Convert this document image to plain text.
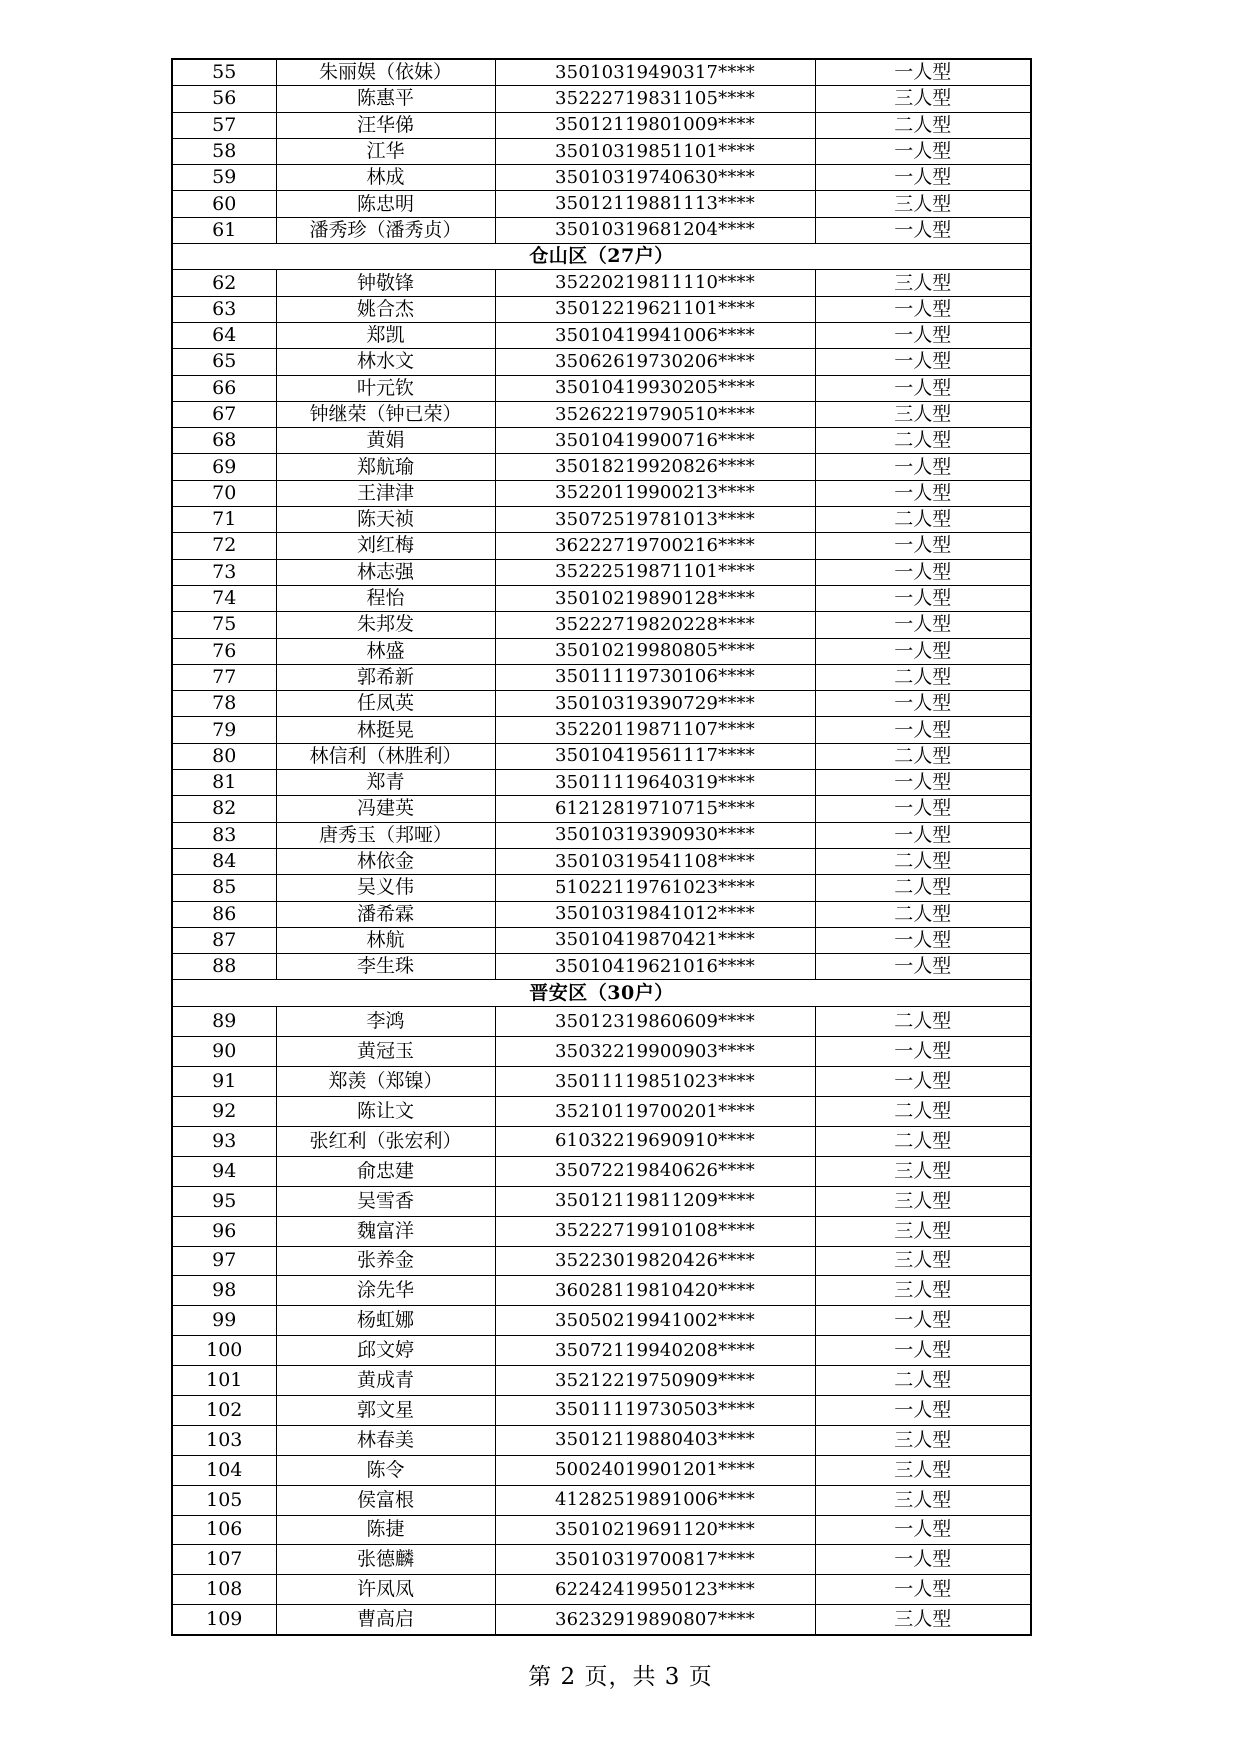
55	朱丽娱（依妹）	35010319490317****	一人型
56	陈惠平	35222719831105****	三人型
57	汪华俤	35012119801009****	二人型
58	江华	35010319851101****	一人型
59	林成	35010319740630****	一人型
60	陈忠明	35012119881113****	三人型
61	潘秀珍（潘秀贞）	35010319681204****	一人型
仓山区（27户）			
62	钟敬锋	35220219811110****	三人型
63	姚合杰	35012219621101****	一人型
64	郑凯	35010419941006****	一人型
65	林水文	35062619730206****	一人型
66	叶元钦	35010419930205****	一人型
67	钟继荣（钟已荣）	35262219790510****	三人型
68	黄娟	35010419900716****	二人型
69	郑航瑜	35018219920826****	一人型
70	王津津	35220119900213****	一人型
71	陈天祯	35072519781013****	二人型
72	刘红梅	36222719700216****	一人型
73	林志强	35222519871101****	一人型
74	程怡	35010219890128****	一人型
75	朱邦发	35222719820228****	一人型
76	林盛	35010219980805****	一人型
77	郭希新	35011119730106****	二人型
78	任凤英	35010319390729****	一人型
79	林挺晃	35220119871107****	一人型
80	林信利（林胜利）	35010419561117****	二人型
81	郑青	35011119640319****	一人型
82	冯建英	61212819710715****	一人型
83	唐秀玉（邦哑）	35010319390930****	一人型
84	林依金	35010319541108****	二人型
85	吴义伟	51022119761023****	二人型
86	潘希霖	35010319841012****	二人型
87	林航	35010419870421****	一人型
88	李生珠	35010419621016****	一人型
晋安区（30户）			
89	李鸿	35012319860609****	二人型
90	黄冠玉	35032219900903****	一人型
91	郑羡（郑镍）	35011119851023****	一人型
92	陈让文	35210119700201****	二人型
93	张红利（张宏利）	61032219690910****	二人型
94	俞忠建	35072219840626****	三人型
95	吴雪香	35012119811209****	三人型
96	魏富洋	35222719910108****	三人型
97	张养金	35223019820426****	三人型
98	涂先华	36028119810420****	三人型
99	杨虹娜	35050219941002****	一人型
100	邱文婷	35072119940208****	一人型
101	黄成青	35212219750909****	二人型
102	郭文星	35011119730503****	一人型
103	林春美	35012119880403****	三人型
104	陈令	50024019901201****	三人型
105	侯富根	41282519891006****	三人型
106	陈捷	35010219691120****	一人型
107	张德麟	35010319700817****	一人型
108	许凤凤	62242419950123****	一人型
109	曹高启	36232919890807****	三人型
第 2 页，共 3 页
